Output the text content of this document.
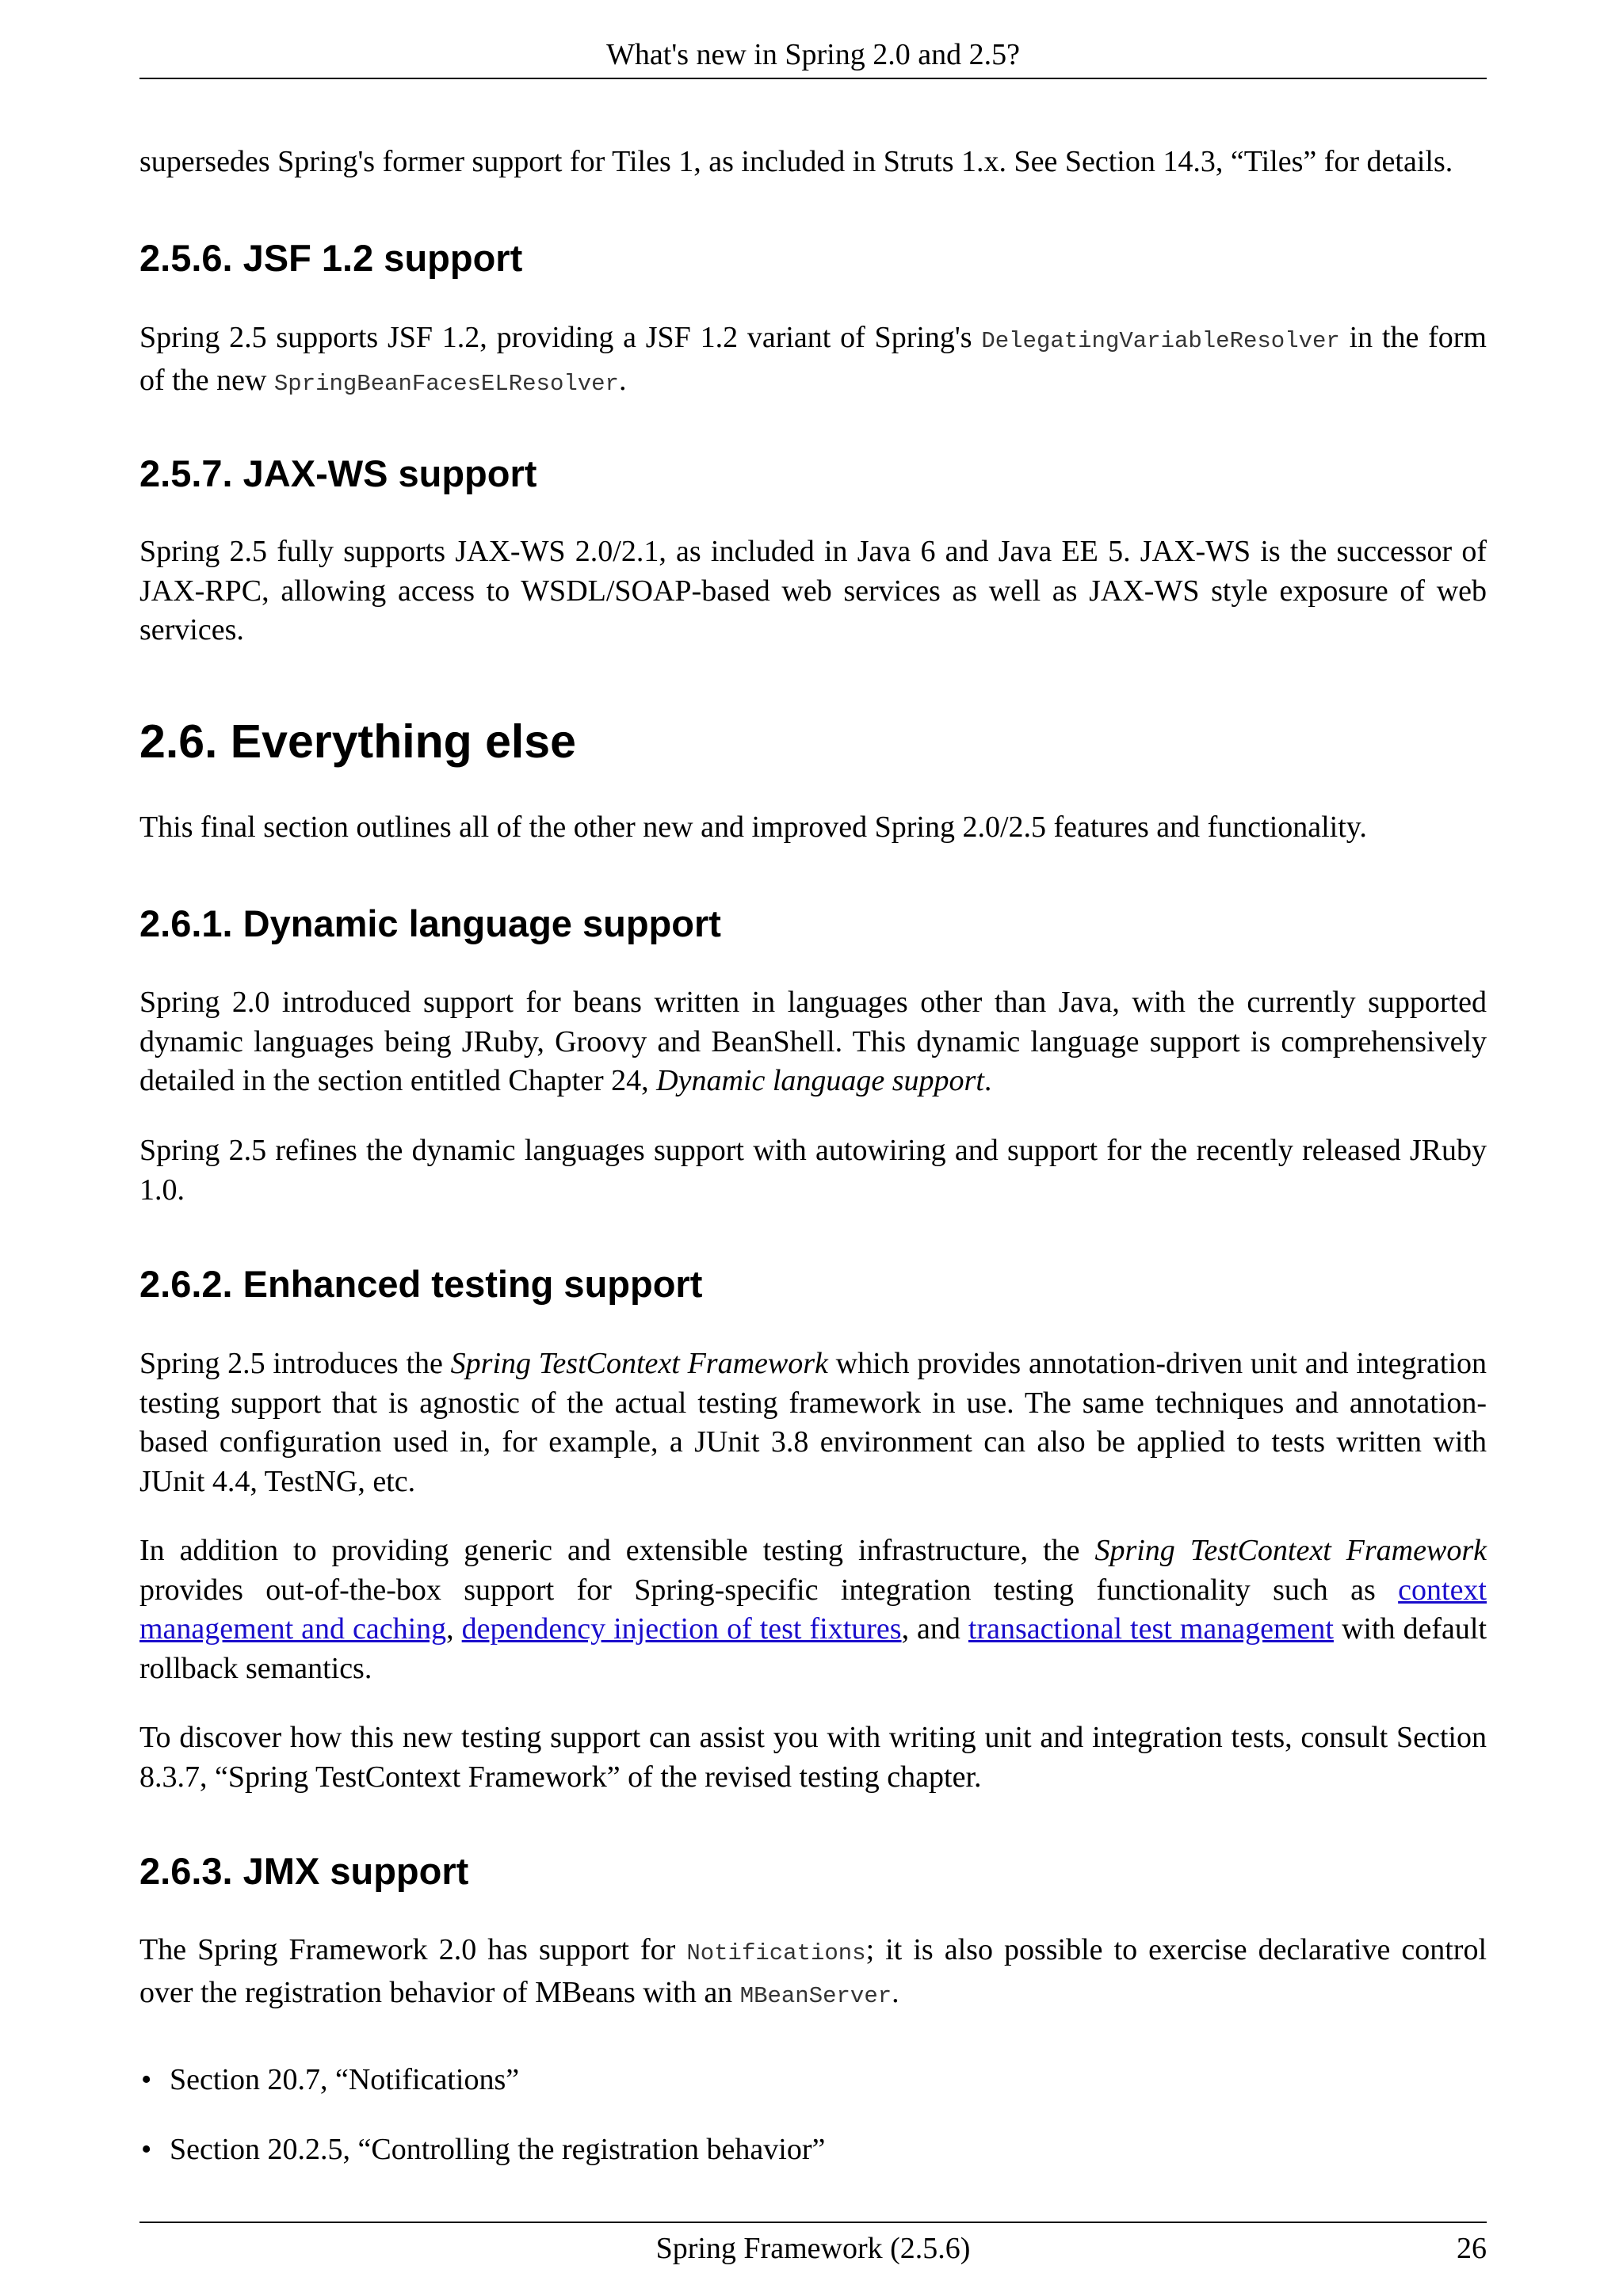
What's new in Spring 2.0 and 2.5?

supersedes Spring's former support for Tiles 1, as included in Struts 1.x. See Section 14.3, “Tiles” for details.

2.5.6. JSF 1.2 support

Spring 2.5 supports JSF 1.2, providing a JSF 1.2 variant of Spring's DelegatingVariableResolver in the form of the new SpringBeanFacesELResolver.

2.5.7. JAX-WS support

Spring 2.5 fully supports JAX-WS 2.0/2.1, as included in Java 6 and Java EE 5. JAX-WS is the successor of JAX-RPC, allowing access to WSDL/SOAP-based web services as well as JAX-WS style exposure of web services.

2.6. Everything else

This final section outlines all of the other new and improved Spring 2.0/2.5 features and functionality.

2.6.1. Dynamic language support

Spring 2.0 introduced support for beans written in languages other than Java, with the currently supported dynamic languages being JRuby, Groovy and BeanShell. This dynamic language support is comprehensively detailed in the section entitled Chapter 24, Dynamic language support.

Spring 2.5 refines the dynamic languages support with autowiring and support for the recently released JRuby 1.0.

2.6.2. Enhanced testing support

Spring 2.5 introduces the Spring TestContext Framework which provides annotation-driven unit and integration testing support that is agnostic of the actual testing framework in use. The same techniques and annotation-based configuration used in, for example, a JUnit 3.8 environment can also be applied to tests written with JUnit 4.4, TestNG, etc.

In addition to providing generic and extensible testing infrastructure, the Spring TestContext Framework provides out-of-the-box support for Spring-specific integration testing functionality such as context management and caching, dependency injection of test fixtures, and transactional test management with default rollback semantics.

To discover how this new testing support can assist you with writing unit and integration tests, consult Section 8.3.7, “Spring TestContext Framework” of the revised testing chapter.

2.6.3. JMX support

The Spring Framework 2.0 has support for Notifications; it is also possible to exercise declarative control over the registration behavior of MBeans with an MBeanServer.

• Section 20.7, “Notifications”
• Section 20.2.5, “Controlling the registration behavior”
Spring Framework (2.5.6)	26
